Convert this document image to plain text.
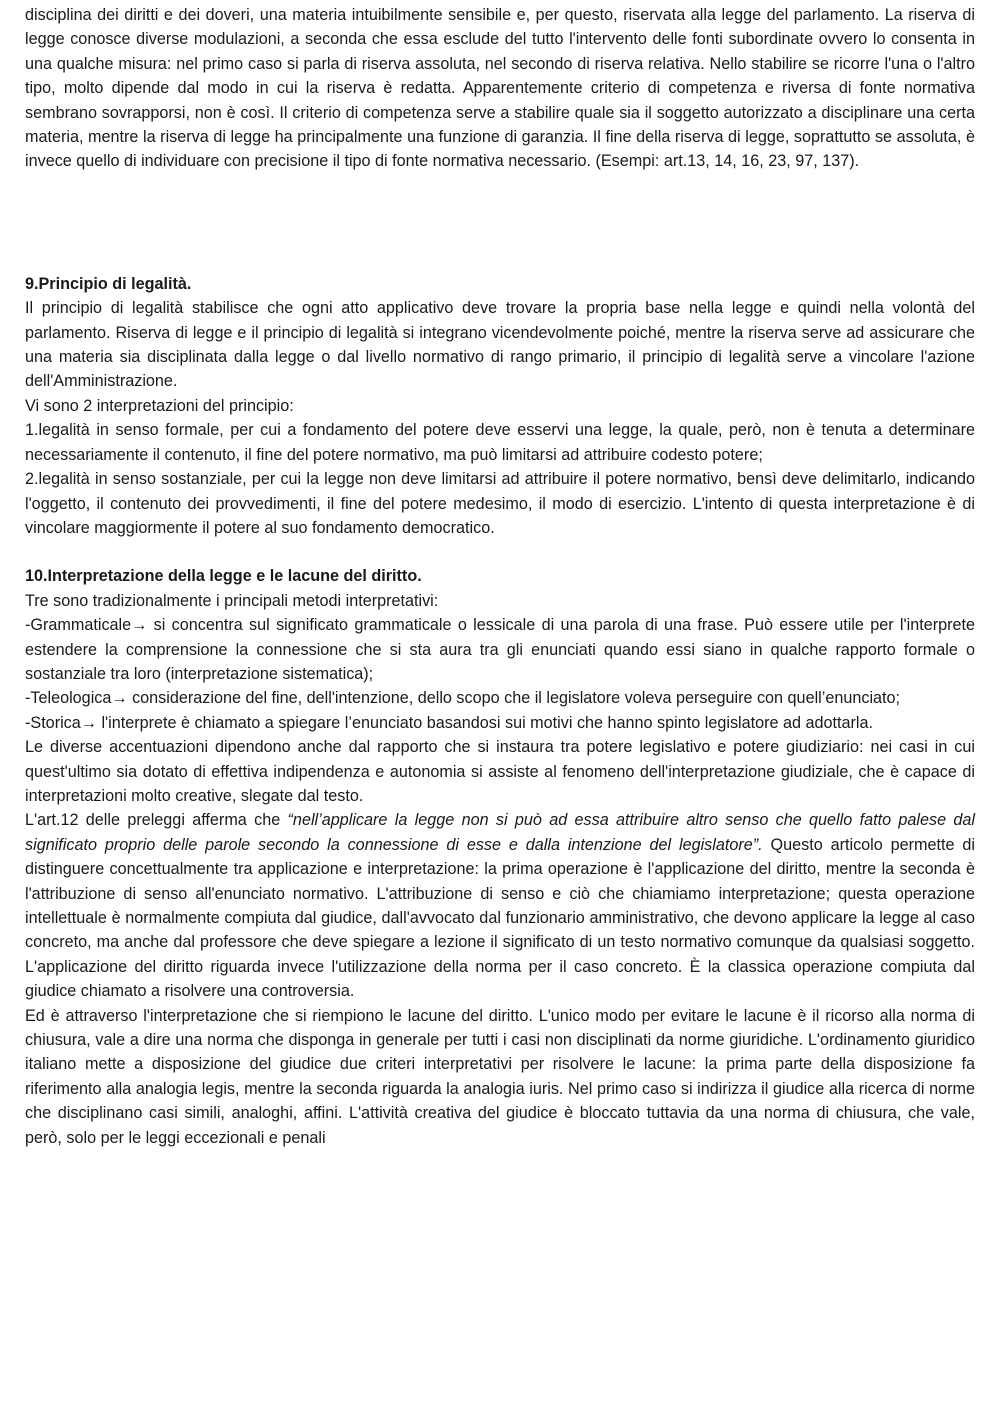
disciplina dei diritti e dei doveri, una materia intuibilmente sensibile e, per questo, riservata alla legge del parlamento. La riserva di legge conosce diverse modulazioni, a seconda che essa esclude del tutto l'intervento delle fonti subordinate ovvero lo consenta in una qualche misura: nel primo caso si parla di riserva assoluta, nel secondo di riserva relativa. Nello stabilire se ricorre l'una o l'altro tipo, molto dipende dal modo in cui la riserva è redatta. Apparentemente criterio di competenza e riversa di fonte normativa sembrano sovrapporsi, non è così. Il criterio di competenza serve a stabilire quale sia il soggetto autorizzato a disciplinare una certa materia, mentre la riserva di legge ha principalmente una funzione di garanzia. Il fine della riserva di legge, soprattutto se assoluta, è invece quello di individuare con precisione il tipo di fonte normativa necessario. (Esempi: art.13, 14, 16, 23, 97, 137).

9.Principio di legalità.

Il principio di legalità stabilisce che ogni atto applicativo deve trovare la propria base nella legge e quindi nella volontà del parlamento. Riserva di legge e il principio di legalità si integrano vicendevolmente poiché, mentre la riserva serve ad assicurare che una materia sia disciplinata dalla legge o dal livello normativo di rango primario, il principio di legalità serve a vincolare l'azione dell'Amministrazione.

Vi sono 2 interpretazioni del principio:

1.legalità in senso formale, per cui a fondamento del potere deve esservi una legge, la quale, però, non è tenuta a determinare necessariamente il contenuto, il fine del potere normativo, ma può limitarsi ad attribuire codesto potere;

2.legalità in senso sostanziale, per cui la legge non deve limitarsi ad attribuire il potere normativo, bensì deve delimitarlo, indicando l'oggetto, il contenuto dei provvedimenti, il fine del potere medesimo, il modo di esercizio. L'intento di questa interpretazione è di vincolare maggiormente il potere al suo fondamento democratico.

10.Interpretazione della legge e le lacune del diritto.

Tre sono tradizionalmente i principali metodi interpretativi:

-Grammaticale→ si concentra sul significato grammaticale o lessicale di una parola di una frase. Può essere utile per l'interprete estendere la comprensione la connessione che si sta aura tra gli enunciati quando essi siano in qualche rapporto formale o sostanziale tra loro (interpretazione sistematica);

-Teleologica→ considerazione del fine, dell'intenzione, dello scopo che il legislatore voleva perseguire con quell’enunciato;

-Storica→ l'interprete è chiamato a spiegare l’enunciato basandosi sui motivi che hanno spinto legislatore ad adottarla.

Le diverse accentuazioni dipendono anche dal rapporto che si instaura tra potere legislativo e potere giudiziario: nei casi in cui quest'ultimo sia dotato di effettiva indipendenza e autonomia si assiste al fenomeno dell'interpretazione giudiziale, che è capace di interpretazioni molto creative, slegate dal testo.

L'art.12 delle preleggi afferma che “nell’applicare la legge non si può ad essa attribuire altro senso che quello fatto palese dal significato proprio delle parole secondo la connessione di esse e dalla intenzione del legislatore”. Questo articolo permette di distinguere concettualmente tra applicazione e interpretazione: la prima operazione è l'applicazione del diritto, mentre la seconda è l'attribuzione di senso all'enunciato normativo. L'attribuzione di senso e ciò che chiamiamo interpretazione; questa operazione intellettuale è normalmente compiuta dal giudice, dall'avvocato dal funzionario amministrativo, che devono applicare la legge al caso concreto, ma anche dal professore che deve spiegare a lezione il significato di un testo normativo comunque da qualsiasi soggetto. L'applicazione del diritto riguarda invece l'utilizzazione della norma per il caso concreto. È la classica operazione compiuta dal giudice chiamato a risolvere una controversia.

Ed è attraverso l'interpretazione che si riempiono le lacune del diritto. L'unico modo per evitare le lacune è il ricorso alla norma di chiusura, vale a dire una norma che disponga in generale per tutti i casi non disciplinati da norme giuridiche. L'ordinamento giuridico italiano mette a disposizione del giudice due criteri interpretativi per risolvere le lacune: la prima parte della disposizione fa riferimento alla analogia legis, mentre la seconda riguarda la analogia iuris. Nel primo caso si indirizza il giudice alla ricerca di norme che disciplinano casi simili, analoghi, affini. L'attività creativa del giudice è bloccato tuttavia da una norma di chiusura, che vale, però, solo per le leggi eccezionali e penali
